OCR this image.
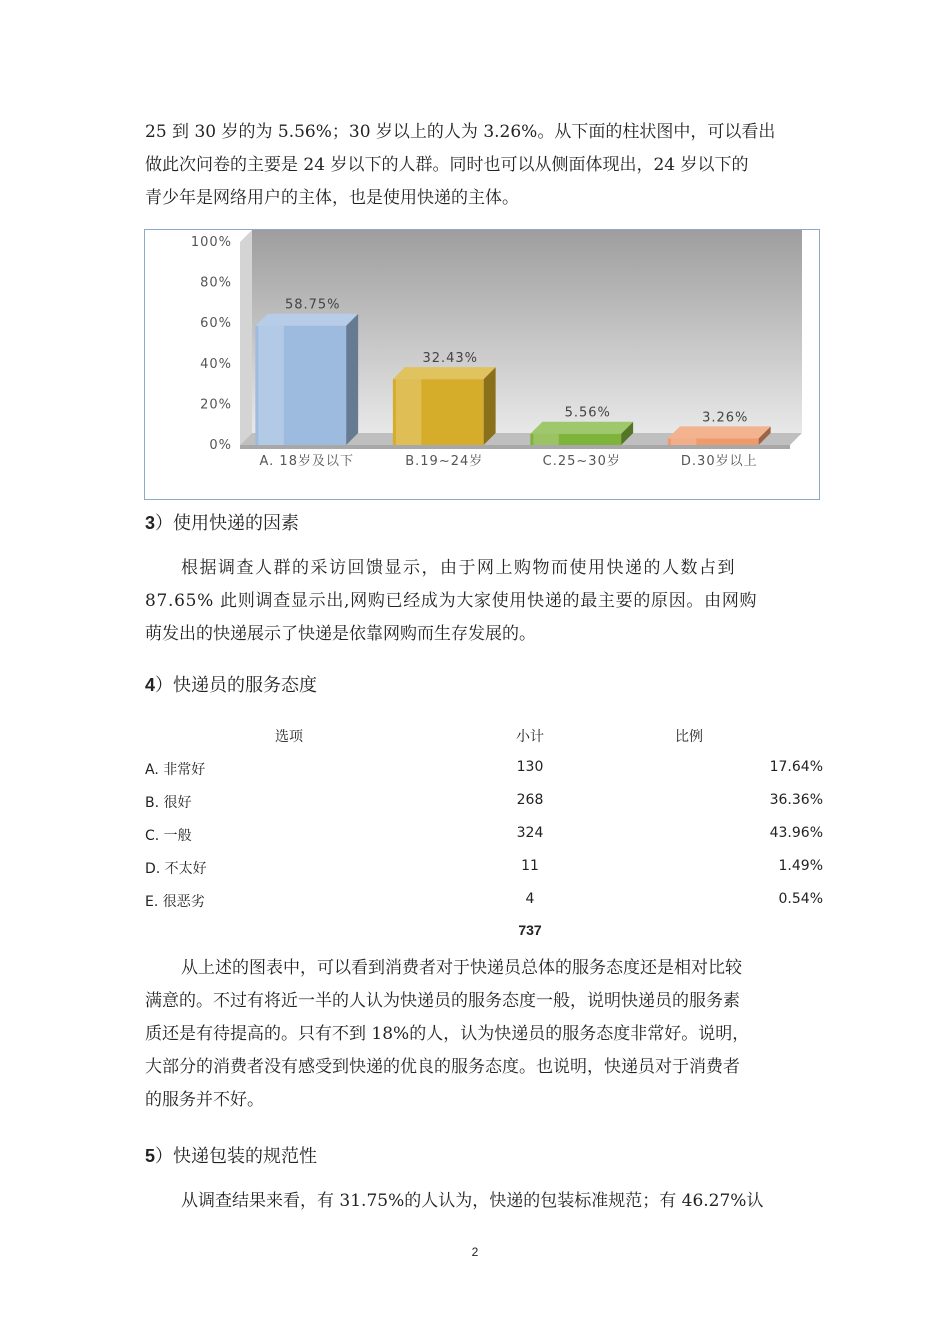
25 到 30 岁的为 5.56%；30 岁以上的人为 3.26%。从下面的柱状图中，可以看出
做此次问卷的主要是 24 岁以下的人群。同时也可以从侧面体现出，24 岁以下的
青少年是网络用户的主体，也是使用快递的主体。
0%
20%
40%
60%
80%
100%
58.75%
A. 18岁及以下
32.43%
B.19~24岁
5.56%
C.25~30岁
3.26%
D.30岁以上
3）使用快递的因素
根据调查人群的采访回馈显示，由于网上购物而使用快递的人数占到
87.65% 此则调查显示出,网购已经成为大家使用快递的最主要的原因。由网购
萌发出的快递展示了快递是依靠网购而生存发展的。
4）快递员的服务态度
选项	小计	比例
A. 非常好	130	17.64%
B. 很好	268	36.36%
C. 一般	324	43.96%
D. 不太好	11	1.49%
E. 很恶劣	4	0.54%
737
从上述的图表中，可以看到消费者对于快递员总体的服务态度还是相对比较
满意的。不过有将近一半的人认为快递员的服务态度一般，说明快递员的服务素
质还是有待提高的。只有不到 18%的人，认为快递员的服务态度非常好。说明，
大部分的消费者没有感受到快递的优良的服务态度。也说明，快递员对于消费者
的服务并不好。
5）快递包装的规范性
从调查结果来看，有 31.75%的人认为，快递的包装标准规范；有 46.27%认
2
